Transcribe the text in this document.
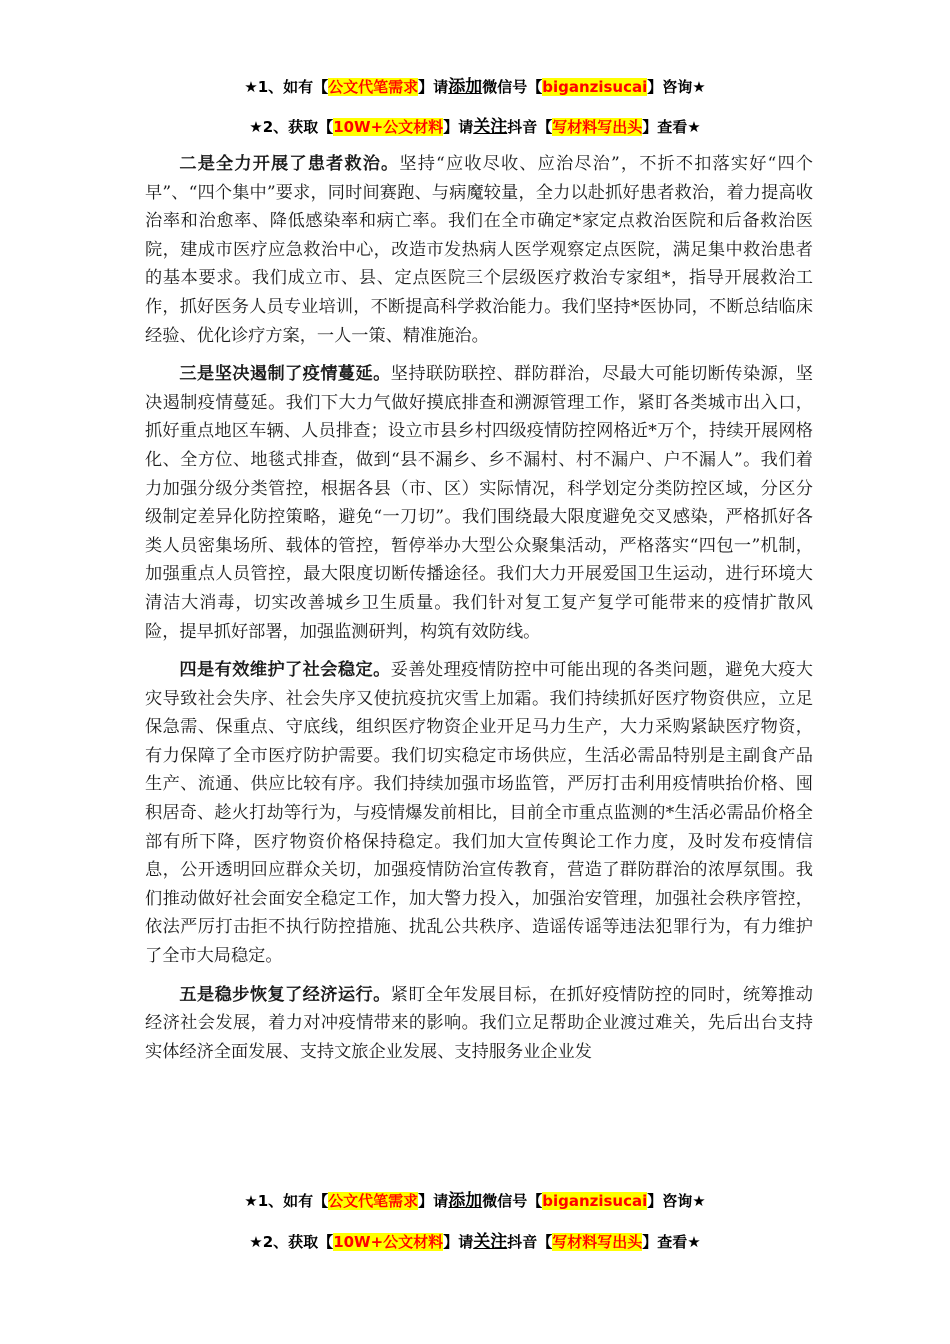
★1、如有【公文代笔需求】请添加微信号【biganzisucai】咨询★
★2、获取【10W+公文材料】请关注抖音【写材料写出头】查看★

二是全力开展了患者救治。坚持“应收尽收、应治尽治”，不折不扣落实好“四个早”、“四个集中”要求，同时间赛跑、与病魔较量，全力以赴抓好患者救治，着力提高收治率和治愈率、降低感染率和病亡率。我们在全市确定*家定点救治医院和后备救治医院，建成市医疗应急救治中心，改造市发热病人医学观察定点医院，满足集中救治患者的基本要求。我们成立市、县、定点医院三个层级医疗救治专家组*，指导开展救治工作，抓好医务人员专业培训，不断提高科学救治能力。我们坚持*医协同，不断总结临床经验、优化诊疗方案，一人一策、精准施治。

三是坚决遏制了疫情蔓延。坚持联防联控、群防群治，尽最大可能切断传染源，坚决遏制疫情蔓延。我们下大力气做好摸底排查和溯源管理工作，紧盯各类城市出入口，抓好重点地区车辆、人员排查；设立市县乡村四级疫情防控网格近*万个，持续开展网格化、全方位、地毯式排查，做到“县不漏乡、乡不漏村、村不漏户、户不漏人”。我们着力加强分级分类管控，根据各县（市、区）实际情况，科学划定分类防控区域，分区分级制定差异化防控策略，避免“一刀切”。我们围绕最大限度避免交叉感染，严格抓好各类人员密集场所、载体的管控，暂停举办大型公众聚集活动，严格落实“四包一”机制，加强重点人员管控，最大限度切断传播途径。我们大力开展爱国卫生运动，进行环境大清洁大消毒，切实改善城乡卫生质量。我们针对复工复产复学可能带来的疫情扩散风险，提早抓好部署，加强监测研判，构筑有效防线。

四是有效维护了社会稳定。妥善处理疫情防控中可能出现的各类问题，避免大疫大灾导致社会失序、社会失序又使抗疫抗灾雪上加霜。我们持续抓好医疗物资供应，立足保急需、保重点、守底线，组织医疗物资企业开足马力生产，大力采购紧缺医疗物资，有力保障了全市医疗防护需要。我们切实稳定市场供应，生活必需品特别是主副食产品生产、流通、供应比较有序。我们持续加强市场监管，严厉打击利用疫情哄抬价格、囤积居奇、趁火打劫等行为，与疫情爆发前相比，目前全市重点监测的*生活必需品价格全部有所下降，医疗物资价格保持稳定。我们加大宣传舆论工作力度，及时发布疫情信息，公开透明回应群众关切，加强疫情防治宣传教育，营造了群防群治的浓厚氛围。我们推动做好社会面安全稳定工作，加大警力投入，加强治安管理，加强社会秩序管控，依法严厉打击拒不执行防控措施、扰乱公共秩序、造谣传谣等违法犯罪行为，有力维护了全市大局稳定。

五是稳步恢复了经济运行。紧盯全年发展目标，在抓好疫情防控的同时，统筹推动经济社会发展，着力对冲疫情带来的影响。我们立足帮助企业渡过难关，先后出台支持实体经济全面发展、支持文旅企业发展、支持服务业企业发

★1、如有【公文代笔需求】请添加微信号【biganzisucai】咨询★
★2、获取【10W+公文材料】请关注抖音【写材料写出头】查看★
